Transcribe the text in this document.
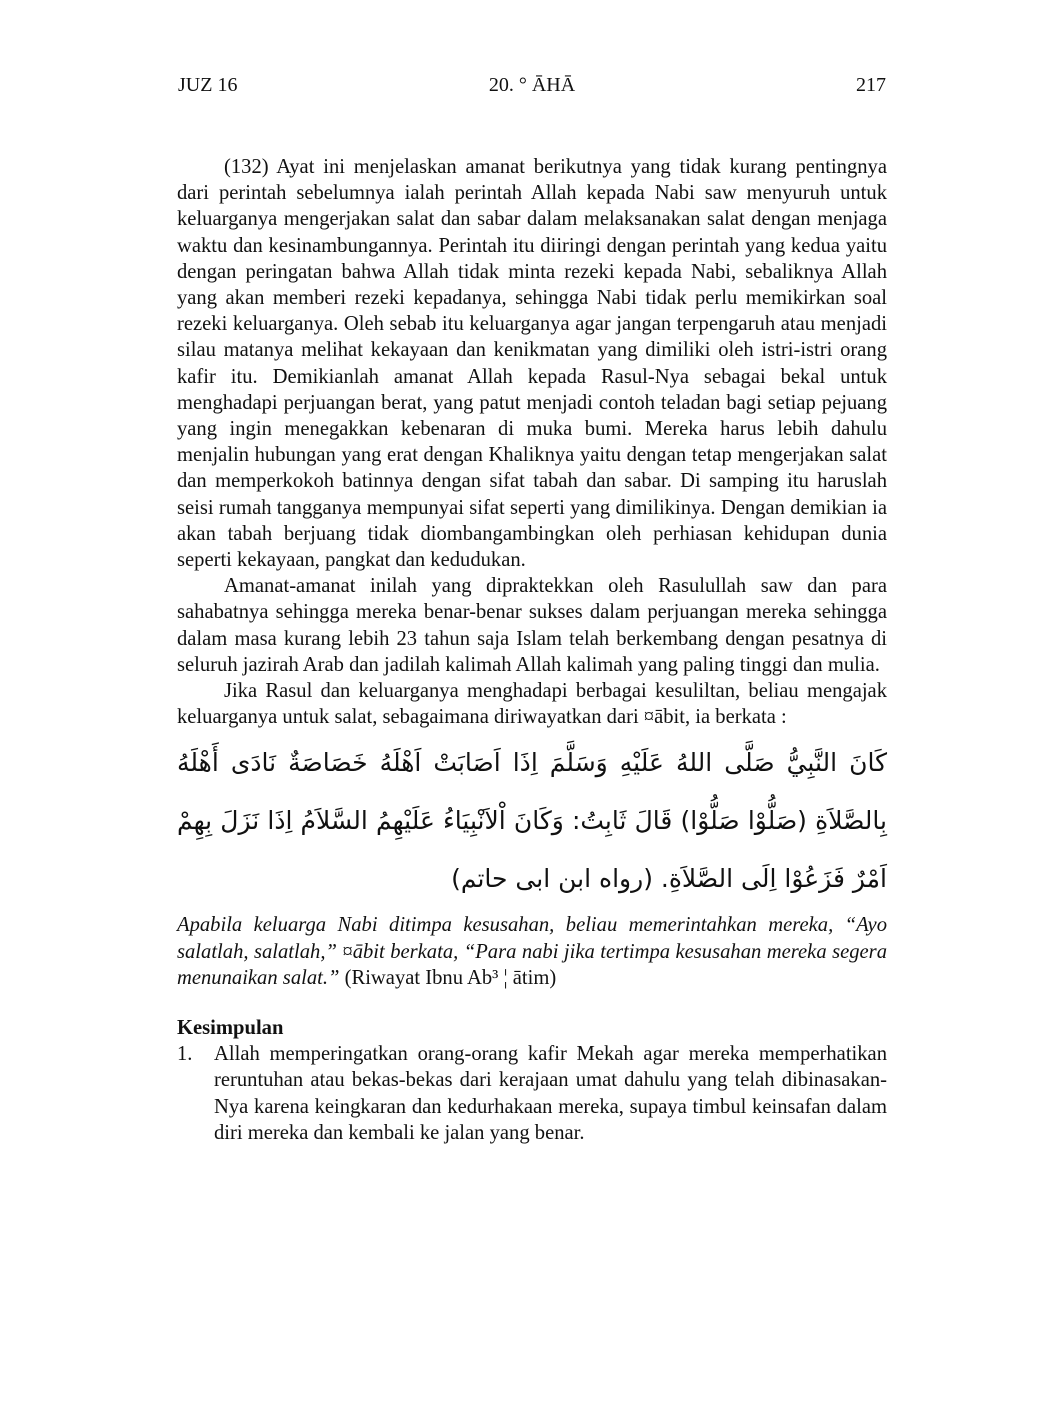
JUZ 16	20. ° ĀHĀ	217

(132) Ayat ini menjelaskan amanat berikutnya yang tidak kurang pentingnya dari perintah sebelumnya ialah perintah Allah kepada Nabi saw menyuruh untuk keluarganya mengerjakan salat dan sabar dalam melaksanakan salat dengan menjaga waktu dan kesinambungannya. Perintah itu diiringi dengan perintah yang kedua yaitu dengan peringatan bahwa Allah tidak minta rezeki kepada Nabi, sebaliknya Allah yang akan memberi rezeki kepadanya, sehingga Nabi tidak perlu memikirkan soal rezeki keluarganya. Oleh sebab itu keluarganya agar jangan terpengaruh atau menjadi silau matanya melihat kekayaan dan kenikmatan yang dimiliki oleh istri-istri orang kafir itu. Demikianlah amanat Allah kepada Rasul-Nya sebagai bekal untuk menghadapi perjuangan berat, yang patut menjadi contoh teladan bagi setiap pejuang yang ingin menegakkan kebenaran di muka bumi. Mereka harus lebih dahulu menjalin hubungan yang erat dengan Khaliknya yaitu dengan tetap mengerjakan salat dan memperkokoh batinnya dengan sifat tabah dan sabar. Di samping itu haruslah seisi rumah tangganya mempunyai sifat seperti yang dimilikinya. Dengan demikian ia akan tabah berjuang tidak diombangambingkan oleh perhiasan kehidupan dunia seperti kekayaan, pangkat dan kedudukan.

Amanat-amanat inilah yang dipraktekkan oleh Rasulullah saw dan para sahabatnya sehingga mereka benar-benar sukses dalam perjuangan mereka sehingga dalam masa kurang lebih 23 tahun saja Islam telah berkembang dengan pesatnya di seluruh jazirah Arab dan jadilah kalimah Allah kalimah yang paling tinggi dan mulia.

Jika Rasul dan keluarganya menghadapi berbagai kesuliltan, beliau mengajak keluarganya untuk salat, sebagaimana diriwayatkan dari ¤ābit, ia berkata :

كَانَ النَّبِيُّ صَلَّى اللهُ عَلَيْهِ وَسَلَّمَ اِذَا اَصَابَتْ اَهْلَهُ خَصَاصَةٌ نَادَى أَهْلَهُ بِالصَّلاَةِ (صَلُّوْا صَلُّوْا) قَالَ ثَابِتُ: وَكَانَ اْلاَنْبِيَاءُ عَلَيْهِمُ السَّلاَمُ اِذَا نَزَلَ بِهِمْ اَمْرٌ فَزَعُوْا اِلَى الصَّلاَةِ. (رواه ابن ابى حاتم)

Apabila keluarga Nabi ditimpa kesusahan, beliau memerintahkan mereka, “Ayo salatlah, salatlah,” ¤ābit berkata, “Para nabi jika tertimpa kesusahan mereka segera menunaikan salat.” (Riwayat Ibnu Ab³ ¦ ātim)

Kesimpulan
1.	Allah memperingatkan orang-orang kafir Mekah agar mereka memperhatikan reruntuhan atau bekas-bekas dari kerajaan umat dahulu yang telah dibinasakan-Nya karena keingkaran dan kedurhakaan mereka, supaya timbul keinsafan dalam diri mereka dan kembali ke jalan yang benar.
